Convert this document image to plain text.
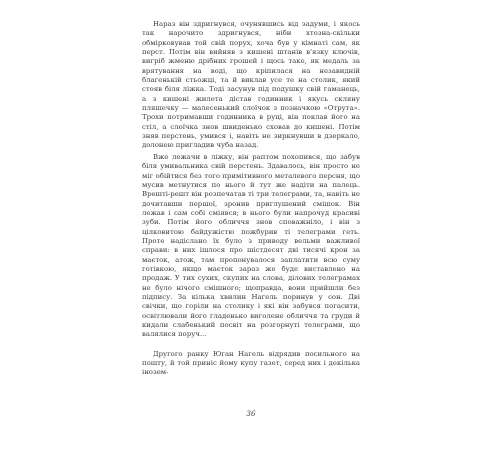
Нараз він здригнувся, очунявшись від задуми, і якось так нарочито здригнувся, ніби хтозна-скільки обмірковував той свій порух, хоча був у кімнаті сам, як перст. Потім він вийняв з кишені штанів в'язку ключів, вигріб жменю дрібних грошей і щось таке, як медаль за врятування на воді, що кріпилася на незавидній благенькій стьожці, та й виклав усе те на столик, який стояв біля ліжка. Тоді засунув під подушку свій гаманець, а з кишені жилета дістав годинник і якусь скляну пляшечку — малесенький слоїчок з позначкою «Отрута». Трохи потримавши годинника в руці, він поклав його на стіл, а слоїчка знов швиденько сховав до кишені. Потім зняв перстень, умився і, навіть не зиркнувши в дзеркало, долонею пригладив чуба назад.

Вже лежачи в ліжку, він раптом похопився, що забув біля умивальника свій перстень. Здавалось, він просто не міг обійтися без того примітивного металевого персня, що мусив метнутися по нього й тут же надіти на палець. Врешті-решт він розпечатав ті три телеграми, та, навіть не дочитавши першої, зронив приглушений смішок. Він лежав і сам собі сміявся; в нього були напрочуд красиві зуби. Потім його обличчя знов споважніло, і він з цілковитою байдужістю пожбурив ті телеграми геть. Проте надіслано їх було з приводу вельми важливої справи: в них ішлося про шістдесят дві тисячі крон за маєток, атож, там пропонувалося заплатити всю суму готівкою, якщо маєток зараз же буде виставлено на продаж. У тих сухих, скупих на слова, ділових телеграмах не було нічого смішного; щоправда, вони прийшли без підпису. За кілька хвилин Нагель поринув у сон. Дві свічки, що горіли на столику і які він забувся погасити, освітлювали його гладенько виголене обличчя та груди й кидали слабенький посвіт на розгорнуті телеграми, що валялися поруч...

Другого ранку Юган Нагель відрядив посильного на пошту, й той приніс йому купу газет, серед них і декілька інозем-

36
